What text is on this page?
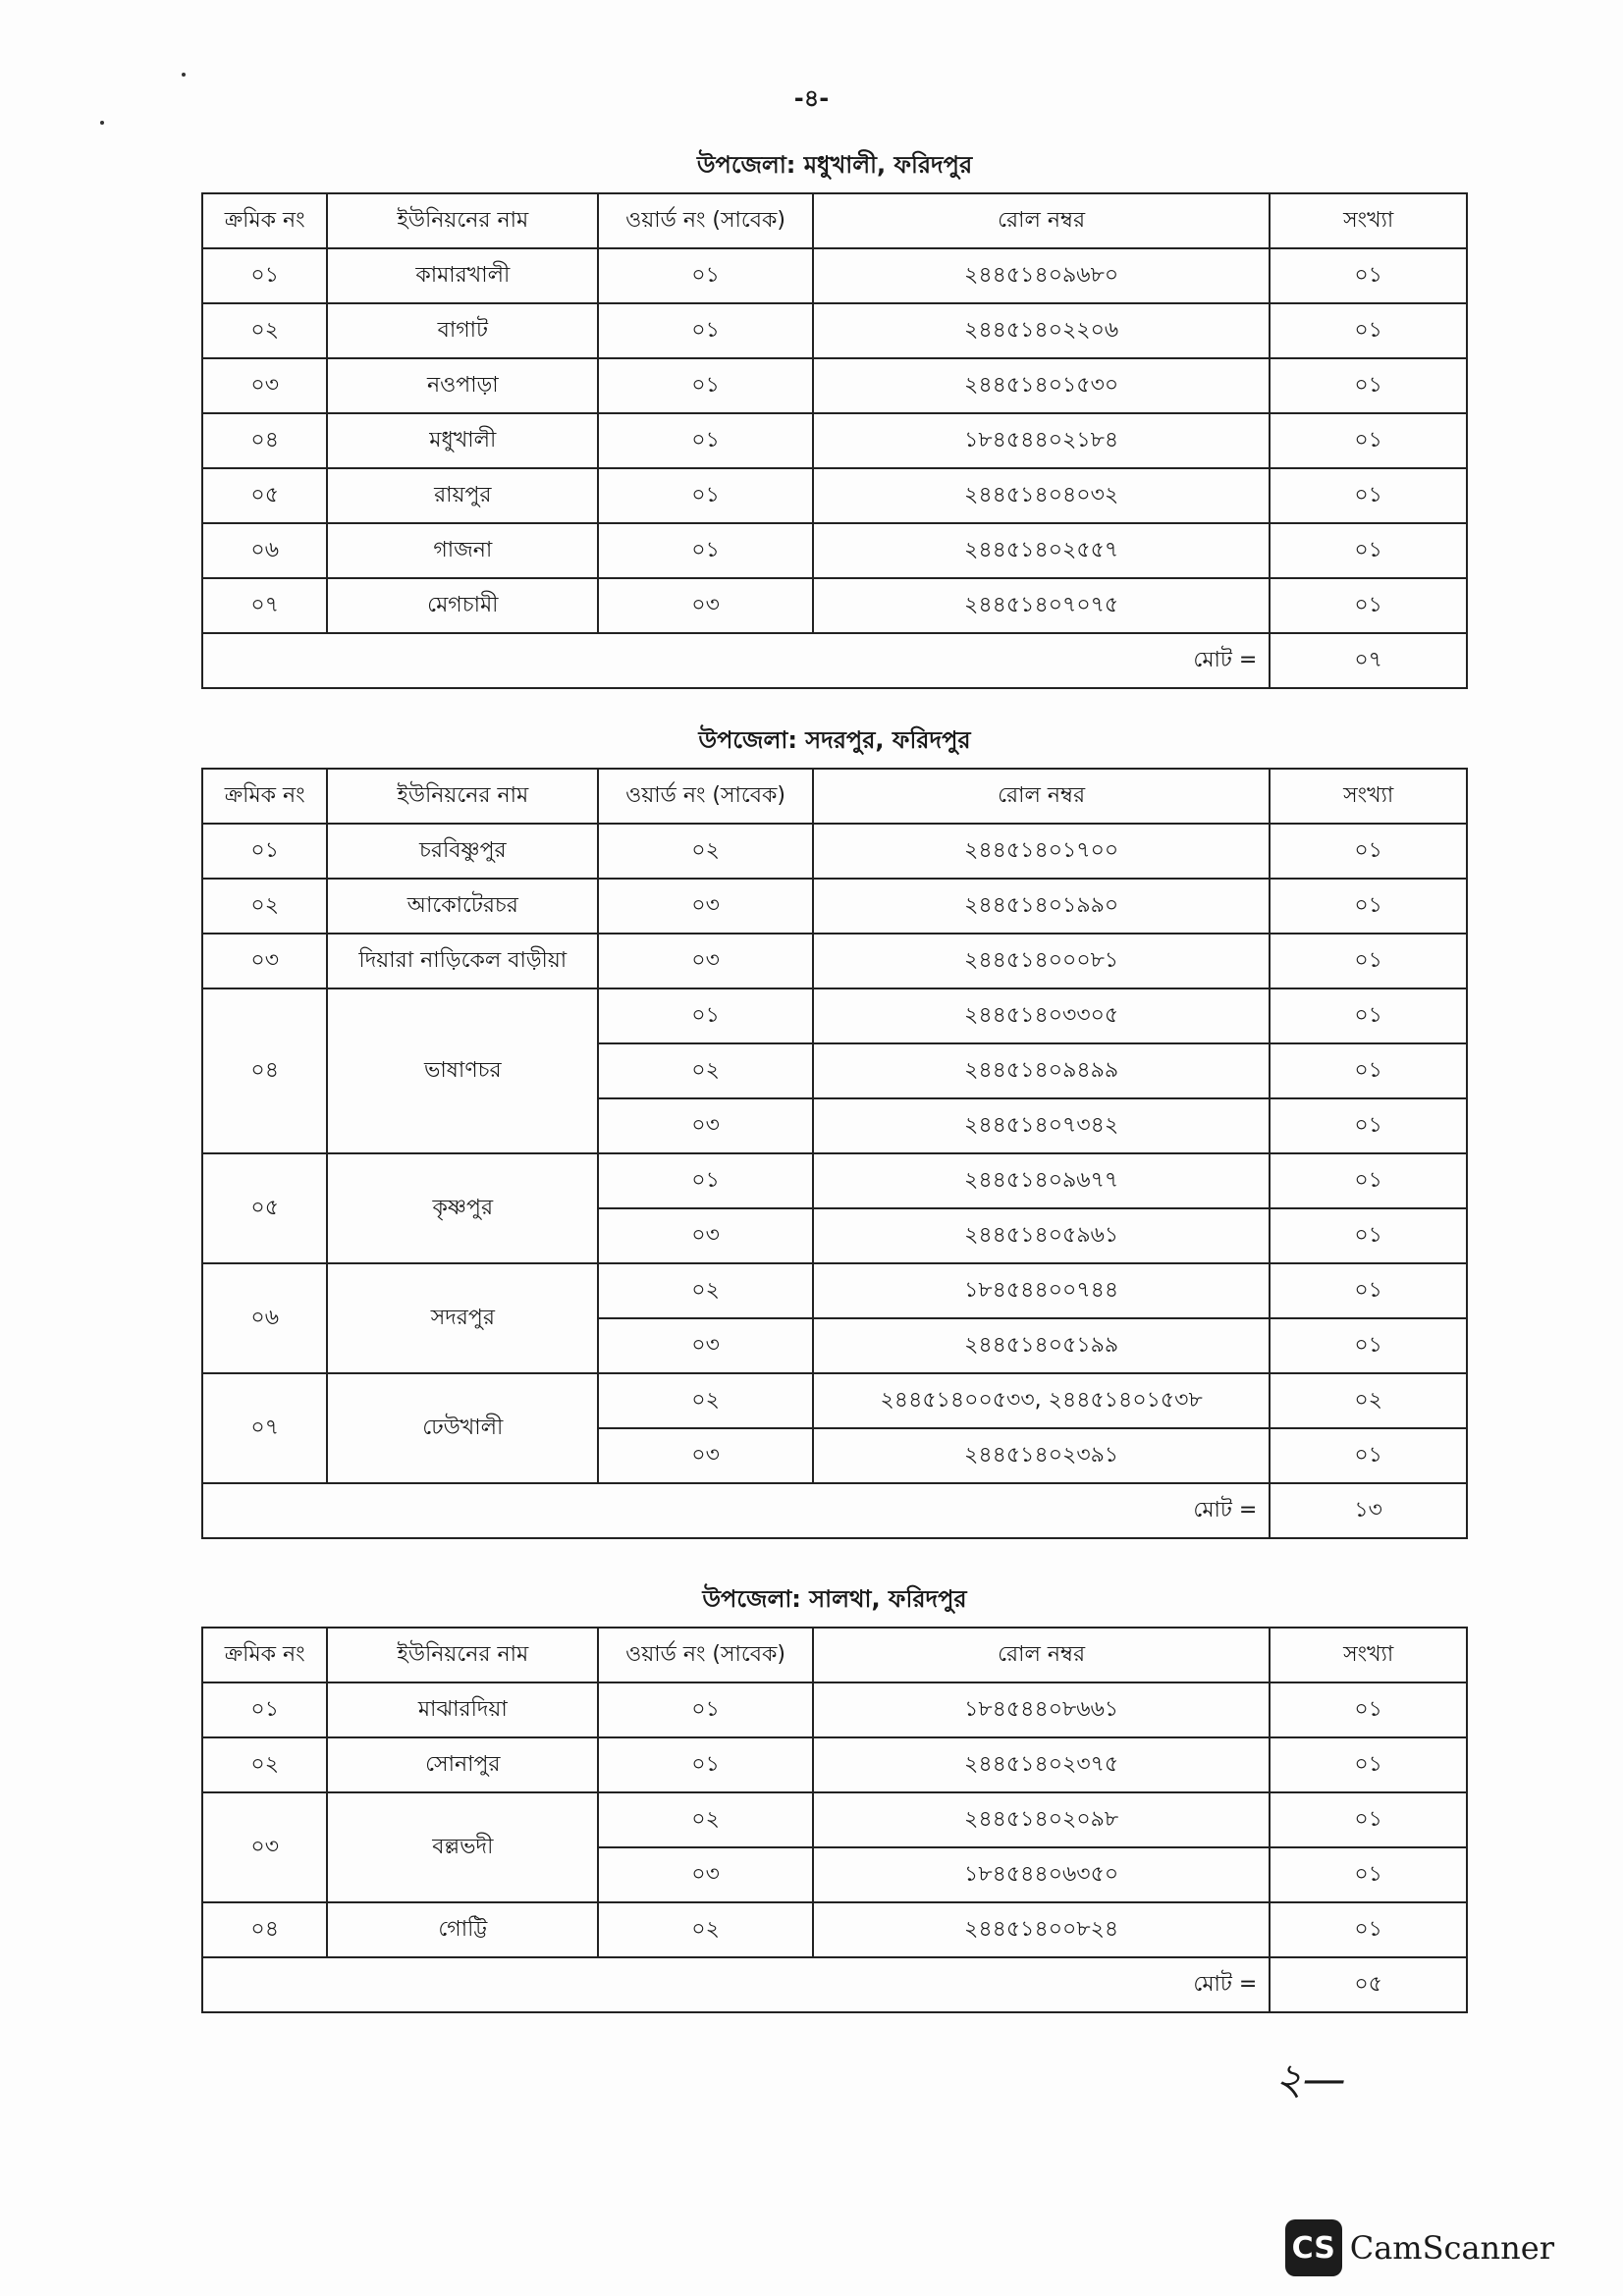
-৪-
উপজেলা: মধুখালী, ফরিদপুর
ক্রমিক নং	ইউনিয়নের নাম	ওয়ার্ড নং (সাবেক)	রোল নম্বর	সংখ্যা
০১	কামারখালী	০১	২৪৪৫১৪০৯৬৮০	০১
০২	বাগাট	০১	২৪৪৫১৪০২২০৬	০১
০৩	নওপাড়া	০১	২৪৪৫১৪০১৫৩০	০১
০৪	মধুখালী	০১	১৮৪৫৪৪০২১৮৪	০১
০৫	রায়পুর	০১	২৪৪৫১৪০৪০৩২	০১
০৬	গাজনা	০১	২৪৪৫১৪০২৫৫৭	০১
০৭	মেগচামী	০৩	২৪৪৫১৪০৭০৭৫	০১
মোট =				০৭
উপজেলা: সদরপুর, ফরিদপুর
ক্রমিক নং	ইউনিয়নের নাম	ওয়ার্ড নং (সাবেক)	রোল নম্বর	সংখ্যা
০১	চরবিষ্ণুপুর	০২	২৪৪৫১৪০১৭০০	০১
০২	আকোটেরচর	০৩	২৪৪৫১৪০১৯৯০	০১
০৩	দিয়ারা নাড়িকেল বাড়ীয়া	০৩	২৪৪৫১৪০০০৮১	০১
০৪	ভাষাণচর	০১	২৪৪৫১৪০৩৩০৫	০১
		০২	২৪৪৫১৪০৯৪৯৯	০১
		০৩	২৪৪৫১৪০৭৩৪২	০১
০৫	কৃষ্ণপুর	০১	২৪৪৫১৪০৯৬৭৭	০১
		০৩	২৪৪৫১৪০৫৯৬১	০১
০৬	সদরপুর	০২	১৮৪৫৪৪০০৭৪৪	০১
		০৩	২৪৪৫১৪০৫১৯৯	০১
০৭	ঢেউখালী	০২	২৪৪৫১৪০০৫৩৩, ২৪৪৫১৪০১৫৩৮	০২
		০৩	২৪৪৫১৪০২৩৯১	০১
মোট =				১৩
উপজেলা: সালথা, ফরিদপুর
ক্রমিক নং	ইউনিয়নের নাম	ওয়ার্ড নং (সাবেক)	রোল নম্বর	সংখ্যা
০১	মাঝারদিয়া	০১	১৮৪৫৪৪০৮৬৬১	০১
০২	সোনাপুর	০১	২৪৪৫১৪০২৩৭৫	০১
০৩	বল্লভদী	০২	২৪৪৫১৪০২০৯৮	০১
		০৩	১৮৪৫৪৪০৬৩৫০	০১
০৪	গোট্টি	০২	২৪৪৫১৪০০৮২৪	০১
মোট =				০৫
২—
CS CamScanner
